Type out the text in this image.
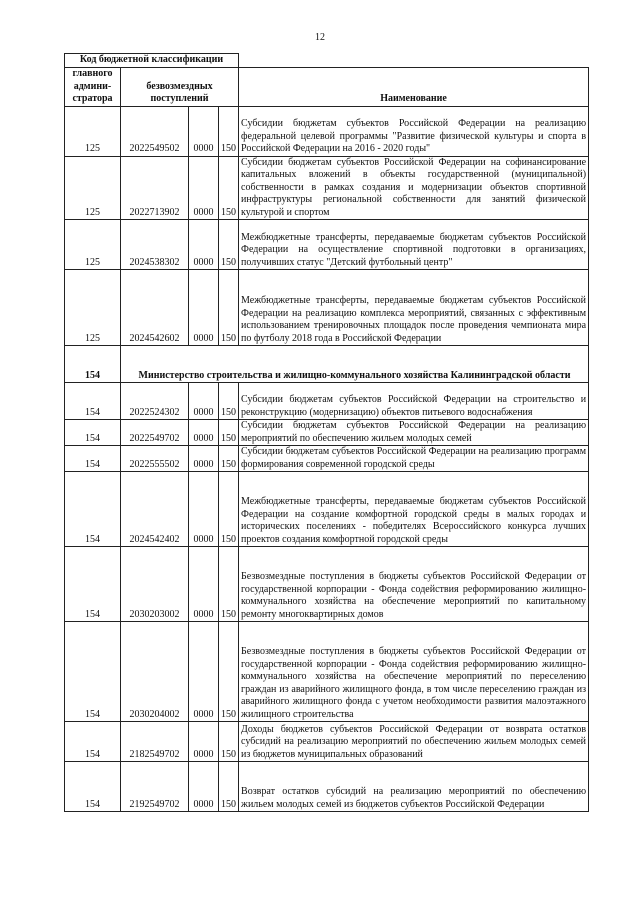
12
Код бюджетной классификации				
главного админи-стратора	безвозмездных поступлений			Наименование
125	2022549502	0000	150	Субсидии бюджетам субъектов Российской Федерации на реализацию федеральной целевой программы "Развитие физической культуры и спорта в Российской Федерации на 2016 - 2020 годы"
125	2022713902	0000	150	Субсидии бюджетам субъектов Российской Федерации на софинансирование капитальных вложений в объекты государственной (муниципальной) собственности в рамках создания и модернизации объектов спортивной инфраструктуры региональной собственности для занятий физической культурой и спортом
125	2024538302	0000	150	Межбюджетные трансферты, передаваемые бюджетам субъектов Российской Федерации на осуществление спортивной подготовки в организациях, получивших статус "Детский футбольный центр"
125	2024542602	0000	150	Межбюджетные трансферты, передаваемые бюджетам субъектов Российской Федерации на реализацию комплекса мероприятий, связанных с эффективным использованием тренировочных площадок после проведения чемпионата мира по футболу 2018 года в Российской Федерации
154	Министерство строительства и жилищно-коммунального хозяйства Калининградской области			
154	2022524302	0000	150	Субсидии бюджетам субъектов Российской Федерации на строительство и реконструкцию (модернизацию) объектов питьевого водоснабжения
154	2022549702	0000	150	Субсидии бюджетам субъектов Российской Федерации на реализацию мероприятий по обеспечению жильем молодых семей
154	2022555502	0000	150	Субсидии бюджетам субъектов Российской Федерации на реализацию программ формирования современной городской среды
154	2024542402	0000	150	Межбюджетные трансферты, передаваемые бюджетам субъектов Российской Федерации на создание комфортной городской среды в малых городах и исторических поселениях - победителях Всероссийского конкурса лучших проектов создания комфортной городской среды
154	2030203002	0000	150	Безвозмездные поступления в бюджеты субъектов Российской Федерации от государственной корпорации - Фонда содействия реформированию жилищно-коммунального хозяйства на обеспечение мероприятий по капитальному ремонту многоквартирных домов
154	2030204002	0000	150	Безвозмездные поступления в бюджеты субъектов Российской Федерации от государственной корпорации - Фонда содействия реформированию жилищно-коммунального хозяйства на обеспечение мероприятий по переселению граждан из аварийного жилищного фонда, в том числе переселению граждан из аварийного жилищного фонда с учетом необходимости развития малоэтажного жилищного строительства
154	2182549702	0000	150	Доходы бюджетов субъектов Российской Федерации от возврата остатков субсидий на реализацию мероприятий по обеспечению жильем молодых семей из бюджетов муниципальных образований
154	2192549702	0000	150	Возврат остатков субсидий на реализацию мероприятий по обеспечению жильем молодых семей из бюджетов субъектов Российской Федерации
